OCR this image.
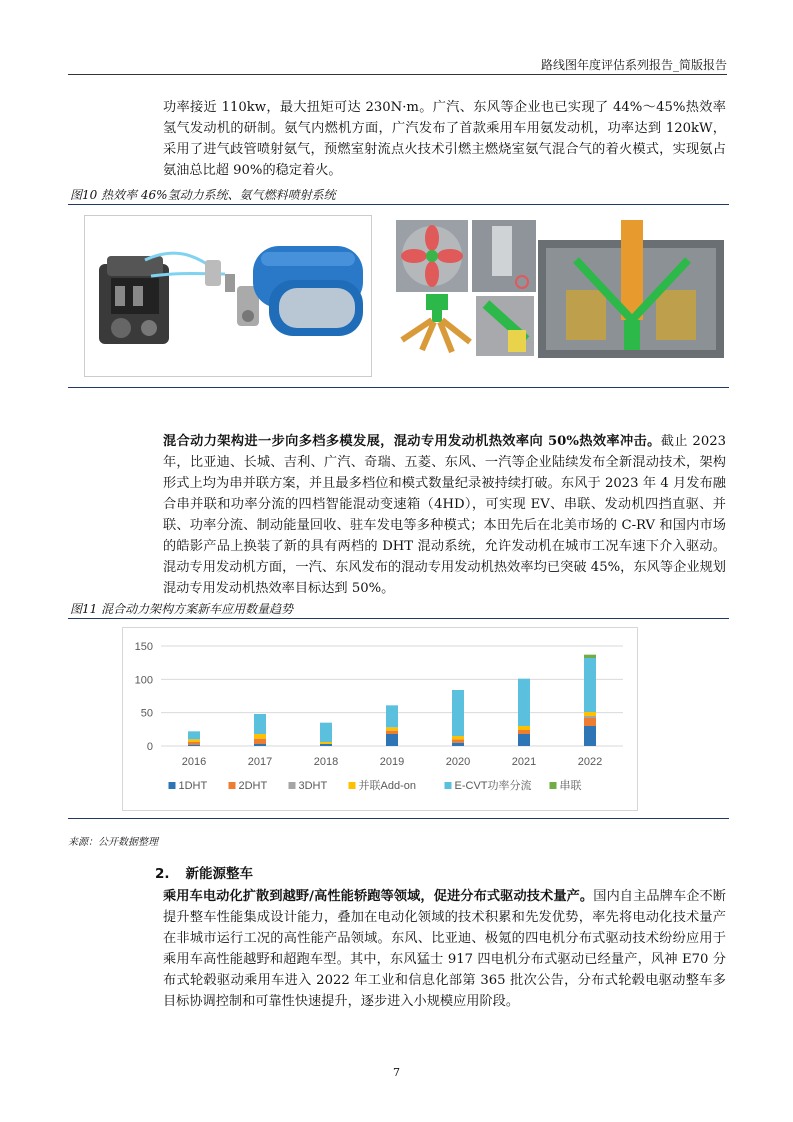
路线图年度评估系列报告_简版报告

功率接近 110kw，最大扭矩可达 230N·m。广汽、东风等企业也已实现了 44%～45%热效率氢气发动机的研制。氨气内燃机方面，广汽发布了首款乘用车用氨发动机，功率达到 120kW，采用了进气歧管喷射氨气，预燃室射流点火技术引燃主燃烧室氨气混合气的着火模式，实现氨占氨油总比超 90%的稳定着火。

图10 热效率 46%氢动力系统、氨气燃料喷射系统

混合动力架构进一步向多档多模发展，混动专用发动机热效率向 50%热效率冲击。截止 2023 年，比亚迪、长城、吉利、广汽、奇瑞、五菱、东风、一汽等企业陆续发布全新混动技术，架构形式上均为串并联方案，并且最多档位和模式数量纪录被持续打破。东风于 2023 年 4 月发布融合串并联和功率分流的四档智能混动变速箱（4HD），可实现 EV、串联、发动机四挡直驱、并联、功率分流、制动能量回收、驻车发电等多种模式；本田先后在北美市场的 C-RV 和国内市场的皓影产品上换装了新的具有两档的 DHT 混动系统，允许发动机在城市工况车速下介入驱动。混动专用发动机方面，一汽、东风发布的混动专用发动机热效率均已突破 45%，东风等企业规划混动专用发动机热效率目标达到 50%。

图11 混合动力架构方案新车应用数量趋势
0
50
100
150
2016	2017	2018	2019	2020	2021	2022
1DHT	2DHT	3DHT	并联Add-on	E-CVT功率分流	串联
来源：公开数据整理
2. 新能源整车

乘用车电动化扩散到越野/高性能轿跑等领域，促进分布式驱动技术量产。国内自主品牌车企不断提升整车性能集成设计能力，叠加在电动化领域的技术积累和先发优势，率先将电动化技术量产在非城市运行工况的高性能产品领域。东风、比亚迪、极氪的四电机分布式驱动技术纷纷应用于乘用车高性能越野和超跑车型。其中，东风猛士 917 四电机分布式驱动已经量产，风神 E70 分布式轮毂驱动乘用车进入 2022 年工业和信息化部第 365 批次公告，分布式轮毂电驱动整车多目标协调控制和可靠性快速提升，逐步进入小规模应用阶段。

7
